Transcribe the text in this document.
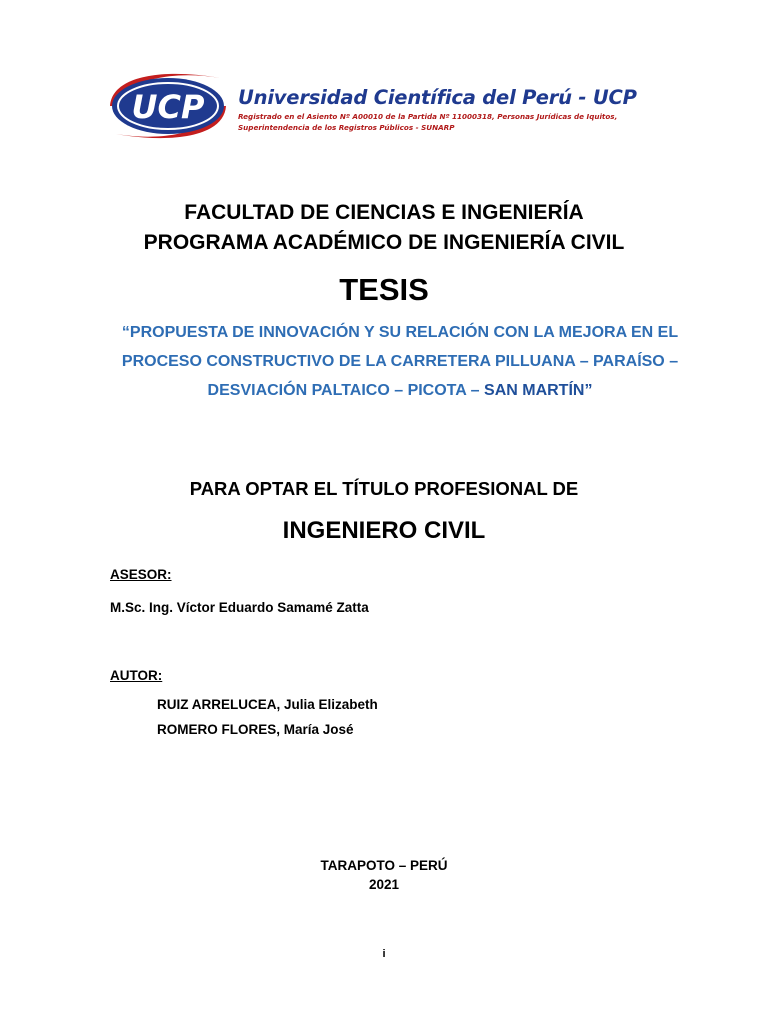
UCP Universidad Científica del Perú - UCP
Registrado en el Asiento Nº A00010 de la Partida Nº 11000318, Personas Jurídicas de Iquitos,
Superintendencia de los Registros Públicos - SUNARP
FACULTAD DE CIENCIAS E INGENIERÍA
PROGRAMA ACADÉMICO DE INGENIERÍA CIVIL
TESIS
“PROPUESTA DE INNOVACIÓN Y SU RELACIÓN CON LA MEJORA EN EL PROCESO CONSTRUCTIVO DE LA CARRETERA PILLUANA – PARAÍSO – DESVIACIÓN PALTAICO – PICOTA – SAN MARTÍN”
PARA OPTAR EL TÍTULO PROFESIONAL DE
INGENIERO CIVIL
ASESOR:
M.Sc. Ing. Víctor Eduardo Samamé Zatta
AUTOR:
RUIZ ARRELUCEA, Julia Elizabeth
ROMERO FLORES, María José
TARAPOTO – PERÚ
2021
i
